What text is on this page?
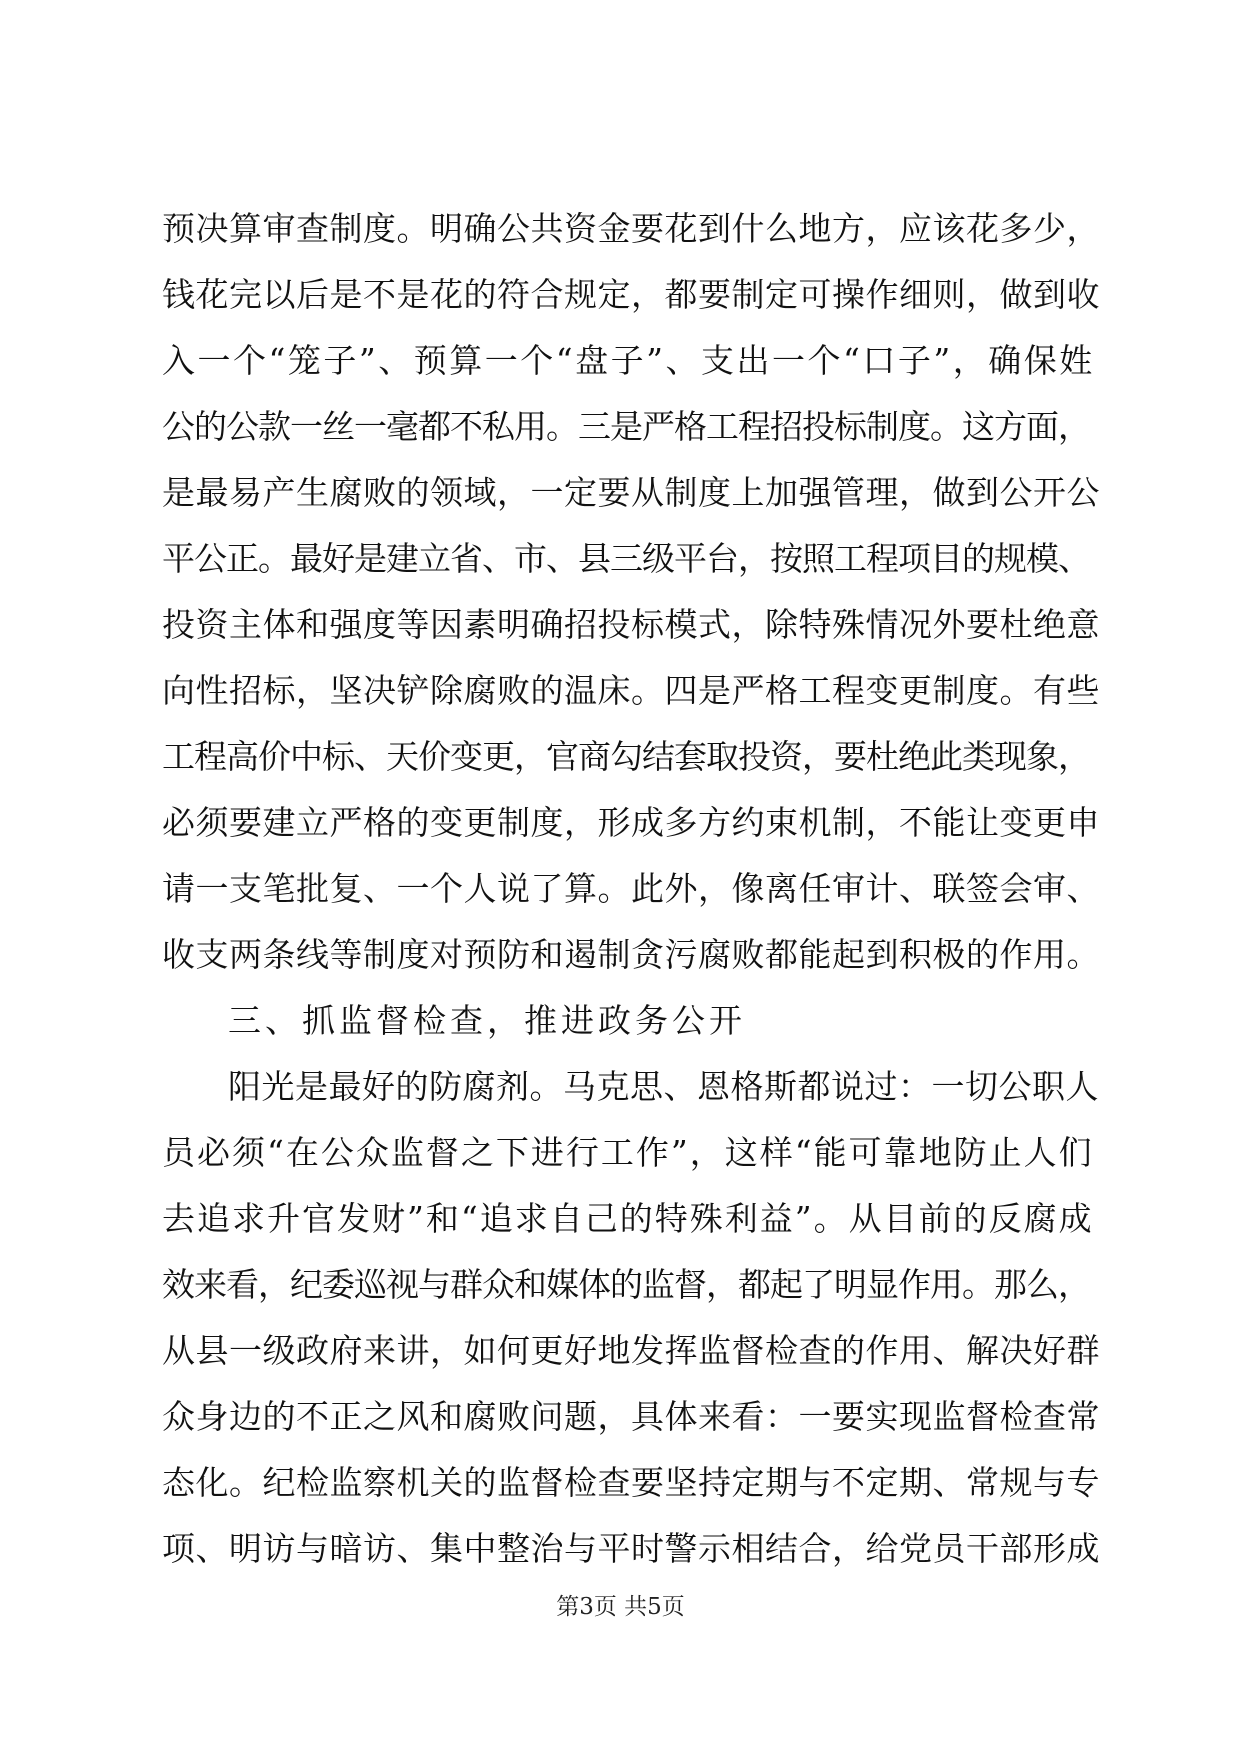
预决算审查制度。明确公共资金要花到什么地方，应该花多少，
钱花完以后是不是花的符合规定，都要制定可操作细则，做到收
入一个“笼子”、预算一个“盘子”、支出一个“口子”，确保姓
公的公款一丝一毫都不私用。三是严格工程招投标制度。这方面，
是最易产生腐败的领域，一定要从制度上加强管理，做到公开公
平公正。最好是建立省、市、县三级平台，按照工程项目的规模、
投资主体和强度等因素明确招投标模式，除特殊情况外要杜绝意
向性招标，坚决铲除腐败的温床。四是严格工程变更制度。有些
工程高价中标、天价变更，官商勾结套取投资，要杜绝此类现象，
必须要建立严格的变更制度，形成多方约束机制，不能让变更申
请一支笔批复、一个人说了算。此外，像离任审计、联签会审、
收支两条线等制度对预防和遏制贪污腐败都能起到积极的作用。
三、抓监督检查，推进政务公开
阳光是最好的防腐剂。马克思、恩格斯都说过：一切公职人
员必须“在公众监督之下进行工作”，这样“能可靠地防止人们
去追求升官发财”和“追求自己的特殊利益”。从目前的反腐成
效来看，纪委巡视与群众和媒体的监督，都起了明显作用。那么，
从县一级政府来讲，如何更好地发挥监督检查的作用、解决好群
众身边的不正之风和腐败问题，具体来看：一要实现监督检查常
态化。纪检监察机关的监督检查要坚持定期与不定期、常规与专
项、明访与暗访、集中整治与平时警示相结合，给党员干部形成
第3页 共5页
